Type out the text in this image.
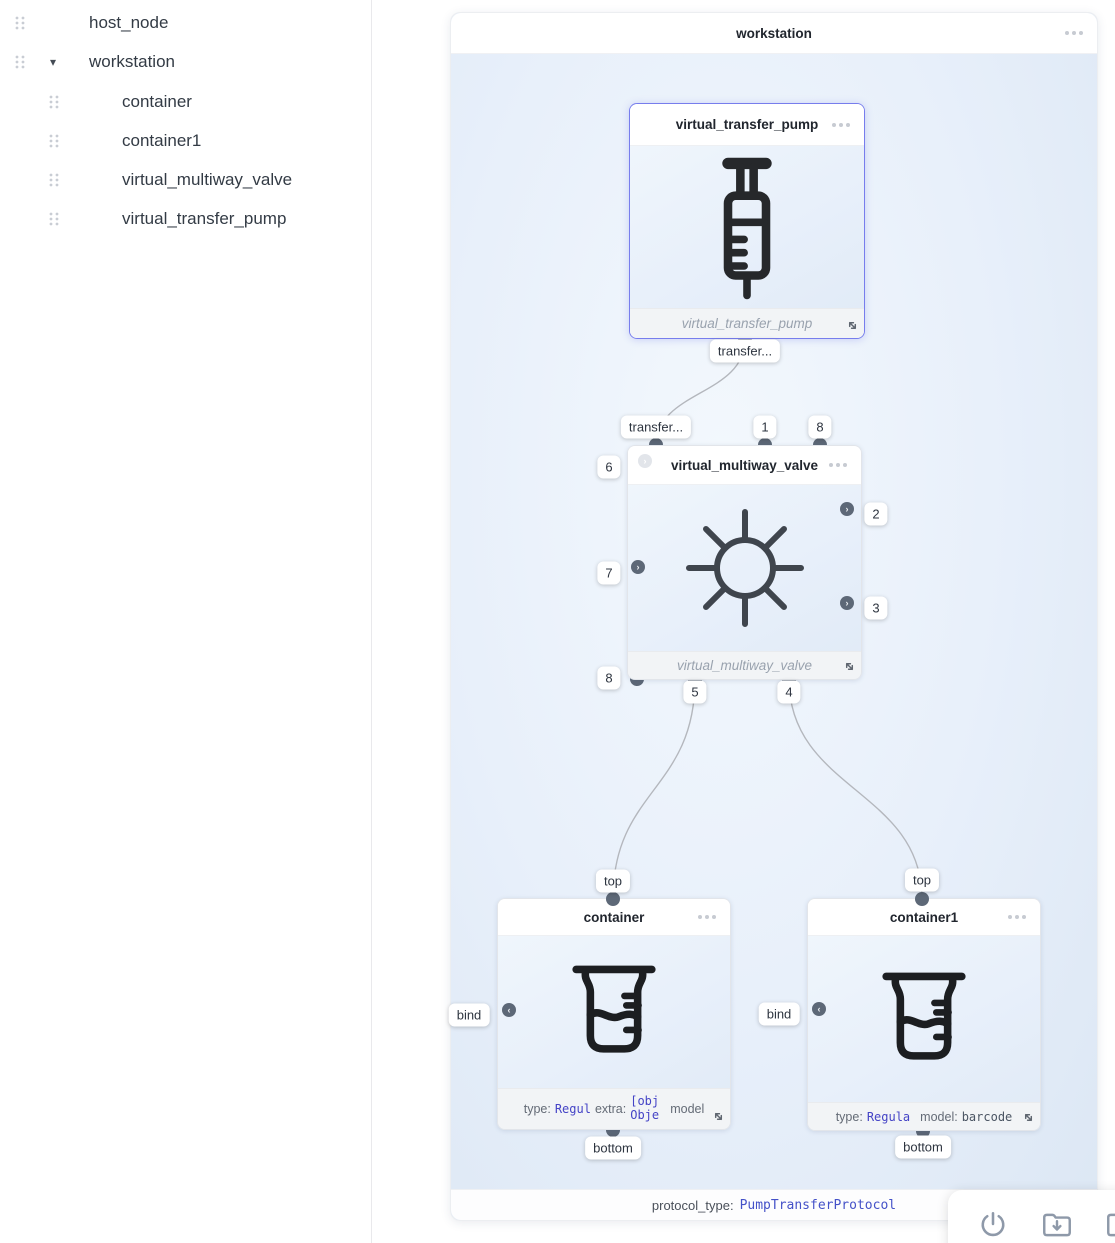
host_node
▾ workstation
container
container1
virtual_multiway_valve
virtual_transfer_pump
workstation
protocol_type: PumpTransferProtocol
virtual_transfer_pump
virtual_transfer_pump
transfer...
virtual_multiway_valve
virtual_multiway_valve
›
›
›
›
transfer...	1	8
6
7
2
3
8
5	4
container
type: Regul extra:
[obj Obje model
‹
top
bind
bottom
container1
type: Regula model: barcode
‹
top
bind
bottom
